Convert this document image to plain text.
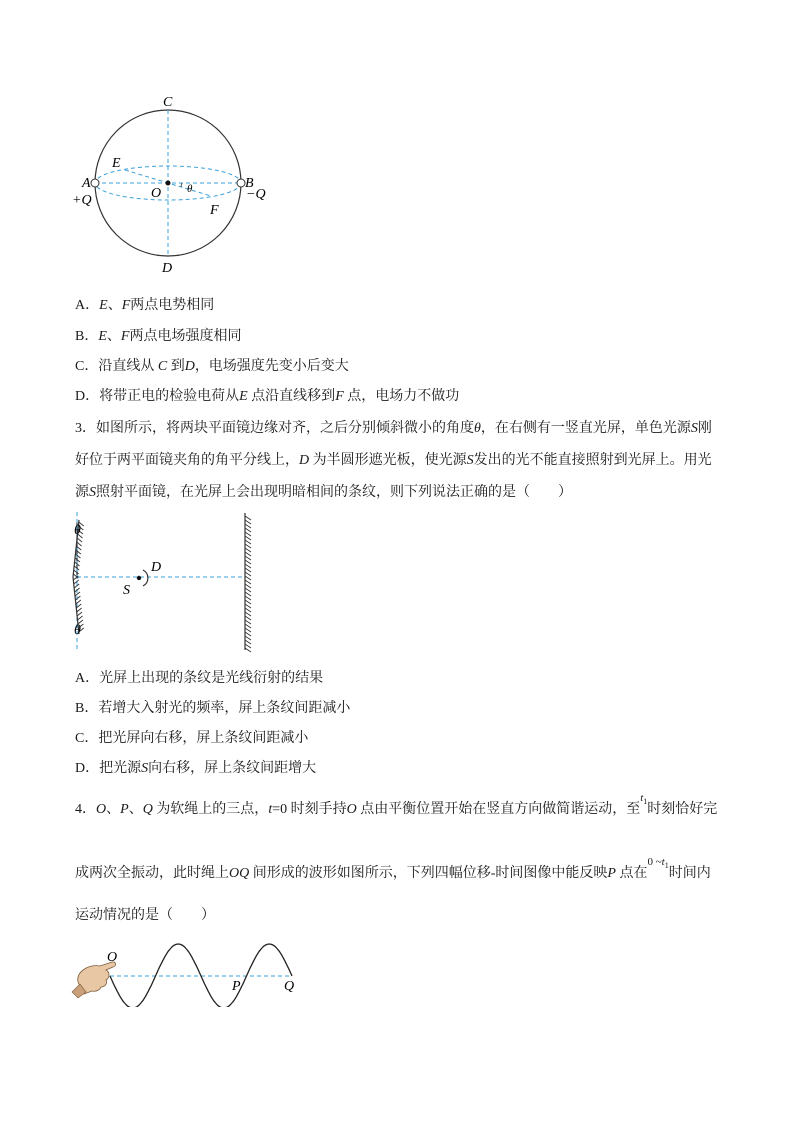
C
D
A	B
E
O
F
θ
+Q	−Q
A．E、F两点电势相同
B．E、F两点电场强度相同
C．沿直线从 C 到D，电场强度先变小后变大
D．将带正电的检验电荷从E 点沿直线移到F 点，电场力不做功
3．如图所示，将两块平面镜边缘对齐，之后分别倾斜微小的角度θ，在右侧有一竖直光屏，单色光源S刚
好位于两平面镜夹角的角平分线上，D 为半圆形遮光板，使光源S发出的光不能直接照射到光屏上。用光
源S照射平面镜，在光屏上会出现明暗相间的条纹，则下列说法正确的是（　　）
θ
θ
D
S
A．光屏上出现的条纹是光线衍射的结果
B．若增大入射光的频率，屏上条纹间距减小
C．把光屏向右移，屏上条纹间距减小
D．把光源S向右移，屏上条纹间距增大
4．O、P、Q 为软绳上的三点，t=0 时刻手持O 点由平衡位置开始在竖直方向做简谐运动，至$^{t_1}$时刻恰好完
成两次全振动，此时绳上OQ 间形成的波形如图所示，下列四幅位移-时间图像中能反映P 点在$^{0 \sim t_1}$时间内
运动情况的是（　　）
O
P	Q
